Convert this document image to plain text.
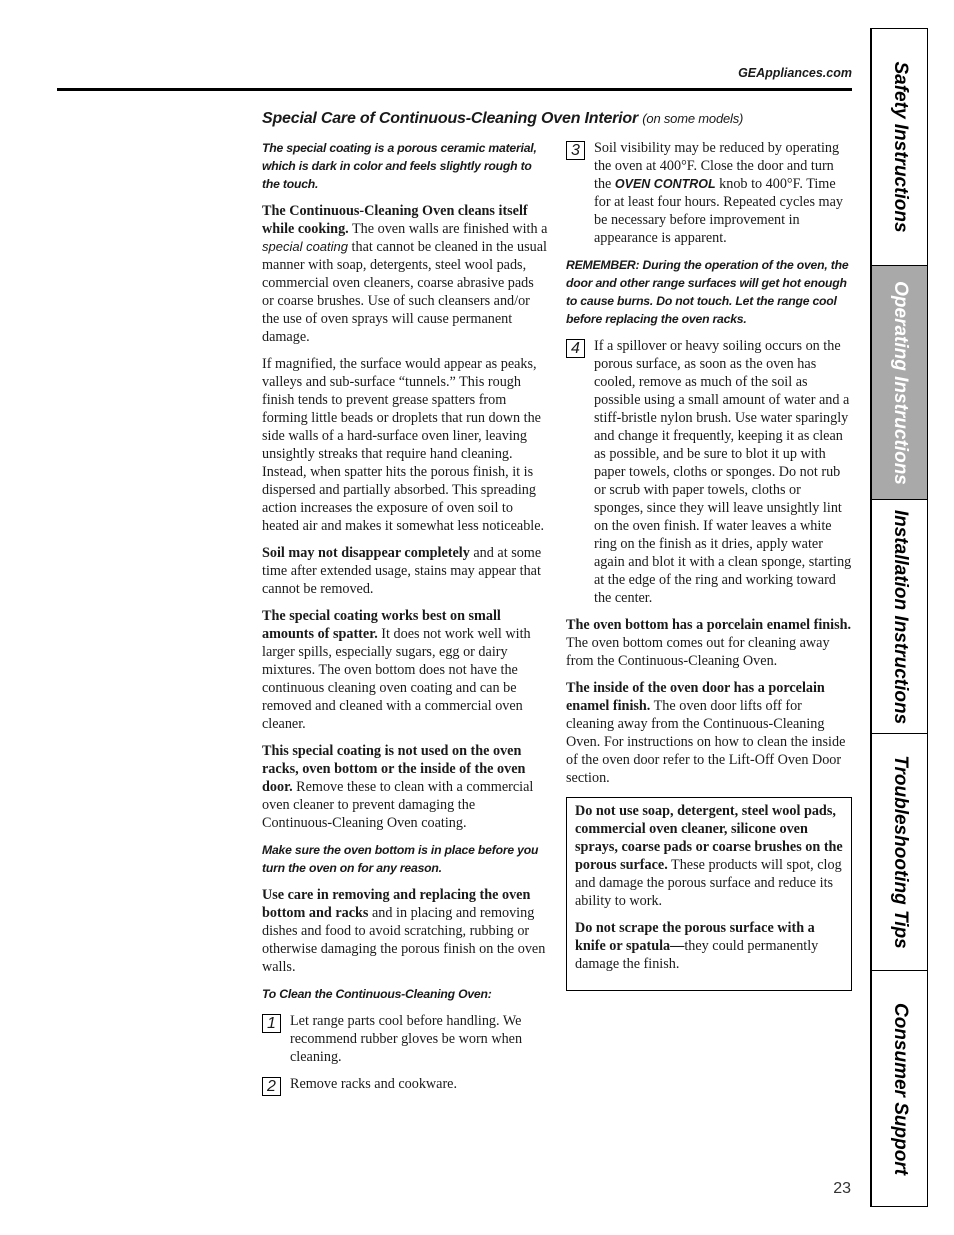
GEAppliances.com
Special Care of Continuous-Cleaning Oven Interior (on some models)

The special coating is a porous ceramic material, which is dark in color and feels slightly rough to the touch.

The Continuous-Cleaning Oven cleans itself while cooking. The oven walls are finished with a special coating that cannot be cleaned in the usual manner with soap, detergents, steel wool pads, commercial oven cleaners, coarse abrasive pads or coarse brushes. Use of such cleansers and/or the use of oven sprays will cause permanent damage.

If magnified, the surface would appear as peaks, valleys and sub-surface “tunnels.” This rough finish tends to prevent grease spatters from forming little beads or droplets that run down the side walls of a hard-surface oven liner, leaving unsightly streaks that require hand cleaning. Instead, when spatter hits the porous finish, it is dispersed and partially absorbed. This spreading action increases the exposure of oven soil to heated air and makes it somewhat less noticeable.

Soil may not disappear completely and at some time after extended usage, stains may appear that cannot be removed.

The special coating works best on small amounts of spatter. It does not work well with larger spills, especially sugars, egg or dairy mixtures. The oven bottom does not have the continuous cleaning oven coating and can be removed and cleaned with a commercial oven cleaner.

This special coating is not used on the oven racks, oven bottom or the inside of the oven door. Remove these to clean with a commercial oven cleaner to prevent damaging the Continuous-Cleaning Oven coating.

Make sure the oven bottom is in place before you turn the oven on for any reason.

Use care in removing and replacing the oven bottom and racks and in placing and removing dishes and food to avoid scratching, rubbing or otherwise damaging the porous finish on the oven walls.

To Clean the Continuous-Cleaning Oven:

1 Let range parts cool before handling. We recommend rubber gloves be worn when cleaning.

2 Remove racks and cookware.

3 Soil visibility may be reduced by operating the oven at 400°F. Close the door and turn the OVEN CONTROL knob to 400°F. Time for at least four hours. Repeated cycles may be necessary before improvement in appearance is apparent.

REMEMBER: During the operation of the oven, the door and other range surfaces will get hot enough to cause burns. Do not touch. Let the range cool before replacing the oven racks.

4 If a spillover or heavy soiling occurs on the porous surface, as soon as the oven has cooled, remove as much of the soil as possible using a small amount of water and a stiff-bristle nylon brush. Use water sparingly and change it frequently, keeping it as clean as possible, and be sure to blot it up with paper towels, cloths or sponges. Do not rub or scrub with paper towels, cloths or sponges, since they will leave unsightly lint on the oven finish. If water leaves a white ring on the finish as it dries, apply water again and blot it with a clean sponge, starting at the edge of the ring and working toward the center.

The oven bottom has a porcelain enamel finish. The oven bottom comes out for cleaning away from the Continuous-Cleaning Oven.

The inside of the oven door has a porcelain enamel finish. The oven door lifts off for cleaning away from the Continuous-Cleaning Oven. For instructions on how to clean the inside of the oven door refer to the Lift-Off Oven Door section.

Do not use soap, detergent, steel wool pads, commercial oven cleaner, silicone oven sprays, coarse pads or coarse brushes on the porous surface. These products will spot, clog and damage the porous surface and reduce its ability to work.

Do not scrape the porous surface with a knife or spatula—they could permanently damage the finish.

Safety Instructions
Operating Instructions
Installation Instructions
Troubleshooting Tips
Consumer Support
23
